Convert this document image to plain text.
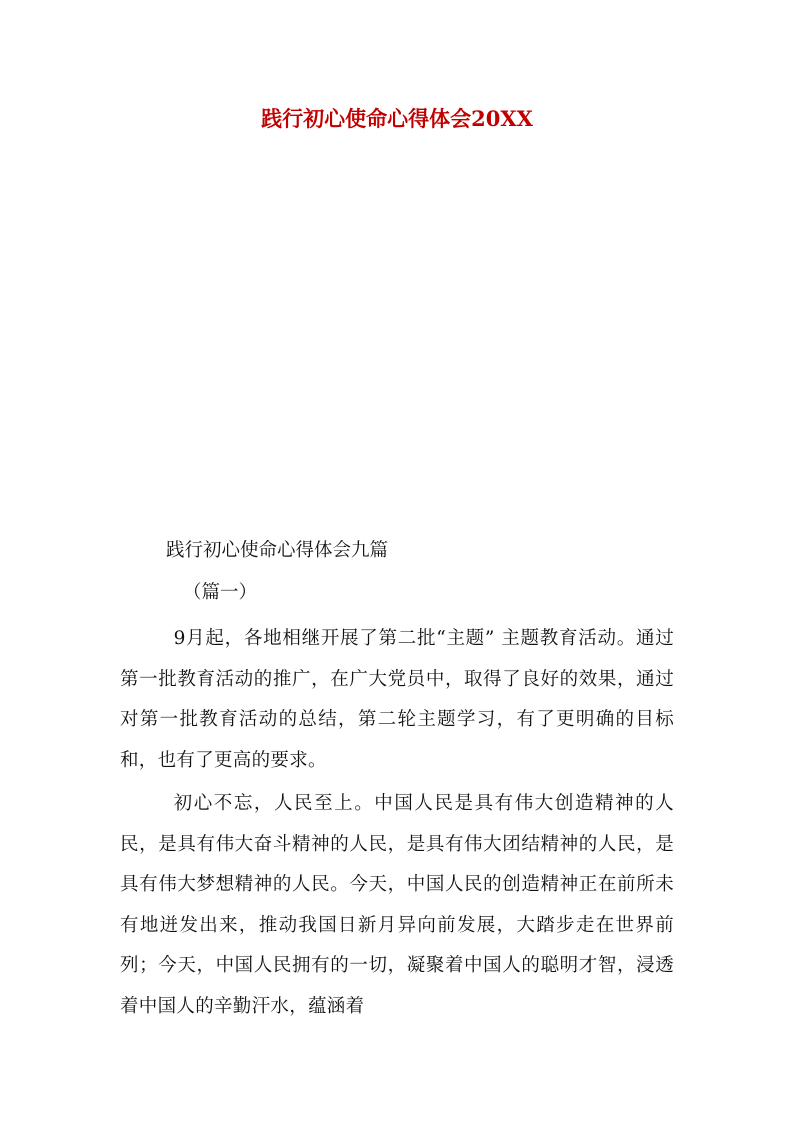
践行初心使命心得体会20XX
践行初心使命心得体会九篇
（篇一）
9月起，各地相继开展了第二批“主题” 主题教育活动。通过第一批教育活动的推广，在广大党员中，取得了良好的效果，通过对第一批教育活动的总结，第二轮主题学习，有了更明确的目标和，也有了更高的要求。
初心不忘，人民至上。中国人民是具有伟大创造精神的人民，是具有伟大奋斗精神的人民，是具有伟大团结精神的人民，是具有伟大梦想精神的人民。今天，中国人民的创造精神正在前所未有地迸发出来，推动我国日新月异向前发展，大踏步走在世界前列；今天，中国人民拥有的一切，凝聚着中国人的聪明才智，浸透着中国人的辛勤汗水，蕴涵着
